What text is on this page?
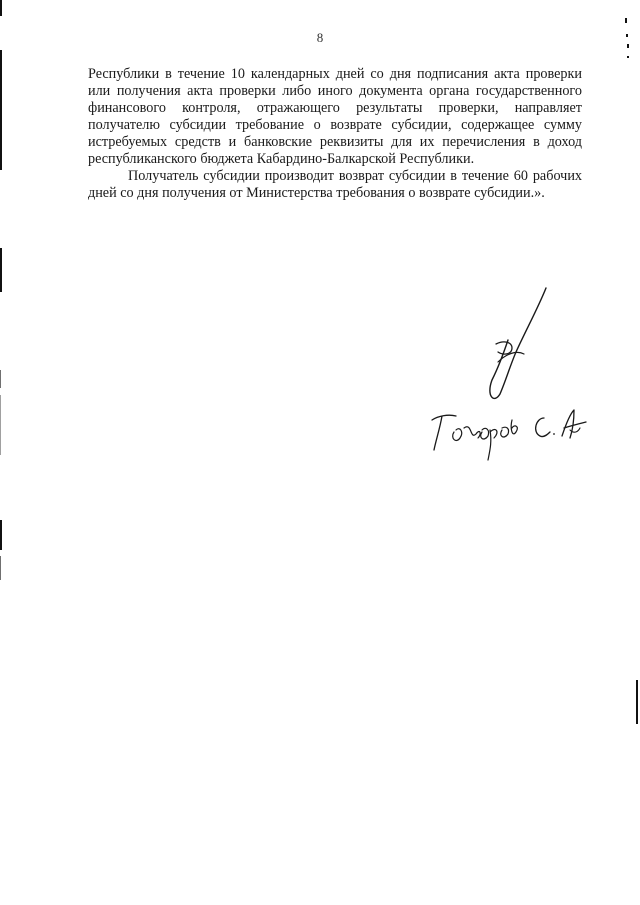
8

Республики в течение 10 календарных дней со дня подписания акта проверки или получения акта проверки либо иного документа органа государственного финансового контроля, отражающего результаты проверки, направляет получателю субсидии требование о возврате субсидии, содержащее сумму истребуемых средств и банковские реквизиты для их перечисления в доход республиканского бюджета Кабардино-Балкарской Республики.

Получатель субсидии производит возврат субсидии в течение 60 рабочих дней со дня получения от Министерства требования о возврате субсидии.».
